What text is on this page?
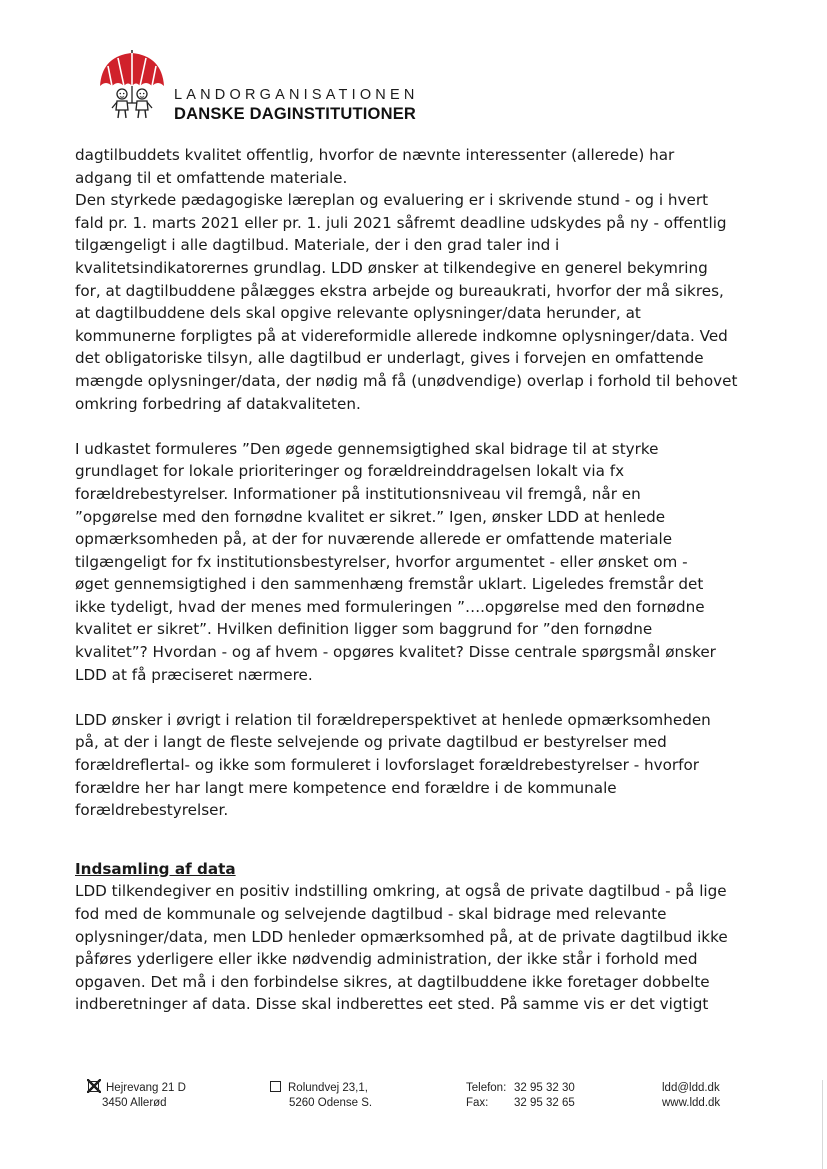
LANDORGANISATIONEN
DANSKE DAGINSTITUTIONER

dagtilbuddets kvalitet offentlig, hvorfor de nævnte interessenter (allerede) har

adgang til et omfattende materiale.

Den styrkede pædagogiske læreplan og evaluering er i skrivende stund - og i hvert

fald pr. 1. marts 2021 eller pr. 1. juli 2021 såfremt deadline udskydes på ny - offentlig

tilgængeligt i alle dagtilbud. Materiale, der i den grad taler ind i

kvalitetsindikatorernes grundlag. LDD ønsker at tilkendegive en generel bekymring

for, at dagtilbuddene pålægges ekstra arbejde og bureaukrati, hvorfor der må sikres,

at dagtilbuddene dels skal opgive relevante oplysninger/data herunder, at

kommunerne forpligtes på at videreformidle allerede indkomne oplysninger/data. Ved

det obligatoriske tilsyn, alle dagtilbud er underlagt, gives i forvejen en omfattende

mængde oplysninger/data, der nødig må få (unødvendige) overlap i forhold til behovet

omkring forbedring af datakvaliteten.

I udkastet formuleres ”Den øgede gennemsigtighed skal bidrage til at styrke

grundlaget for lokale prioriteringer og forældreinddragelsen lokalt via fx

forældrebestyrelser. Informationer på institutionsniveau vil fremgå, når en

”opgørelse med den fornødne kvalitet er sikret.” Igen, ønsker LDD at henlede

opmærksomheden på, at der for nuværende allerede er omfattende materiale

tilgængeligt for fx institutionsbestyrelser, hvorfor argumentet - eller ønsket om -

øget gennemsigtighed i den sammenhæng fremstår uklart. Ligeledes fremstår det

ikke tydeligt, hvad der menes med formuleringen ”….opgørelse med den fornødne

kvalitet er sikret”. Hvilken definition ligger som baggrund for ”den fornødne

kvalitet”? Hvordan - og af hvem - opgøres kvalitet? Disse centrale spørgsmål ønsker

LDD at få præciseret nærmere.

LDD ønsker i øvrigt i relation til forældreperspektivet at henlede opmærksomheden

på, at der i langt de fleste selvejende og private dagtilbud er bestyrelser med

forældreflertal- og ikke som formuleret i lovforslaget forældrebestyrelser - hvorfor

forældre her har langt mere kompetence end forældre i de kommunale

forældrebestyrelser.

Indsamling af data

LDD tilkendegiver en positiv indstilling omkring, at også de private dagtilbud - på lige

fod med de kommunale og selvejende dagtilbud - skal bidrage med relevante

oplysninger/data, men LDD henleder opmærksomhed på, at de private dagtilbud ikke

påføres yderligere eller ikke nødvendig administration, der ikke står i forhold med

opgaven. Det må i den forbindelse sikres, at dagtilbuddene ikke foretager dobbelte

indberetninger af data. Disse skal indberettes eet sted. På samme vis er det vigtigt

Hejrevang 21 D
3450 Allerød
Rolundvej 23,1,
5260 Odense S.
Telefon: 32 95 32 30
Fax: 32 95 32 65
ldd@ldd.dk
www.ldd.dk
